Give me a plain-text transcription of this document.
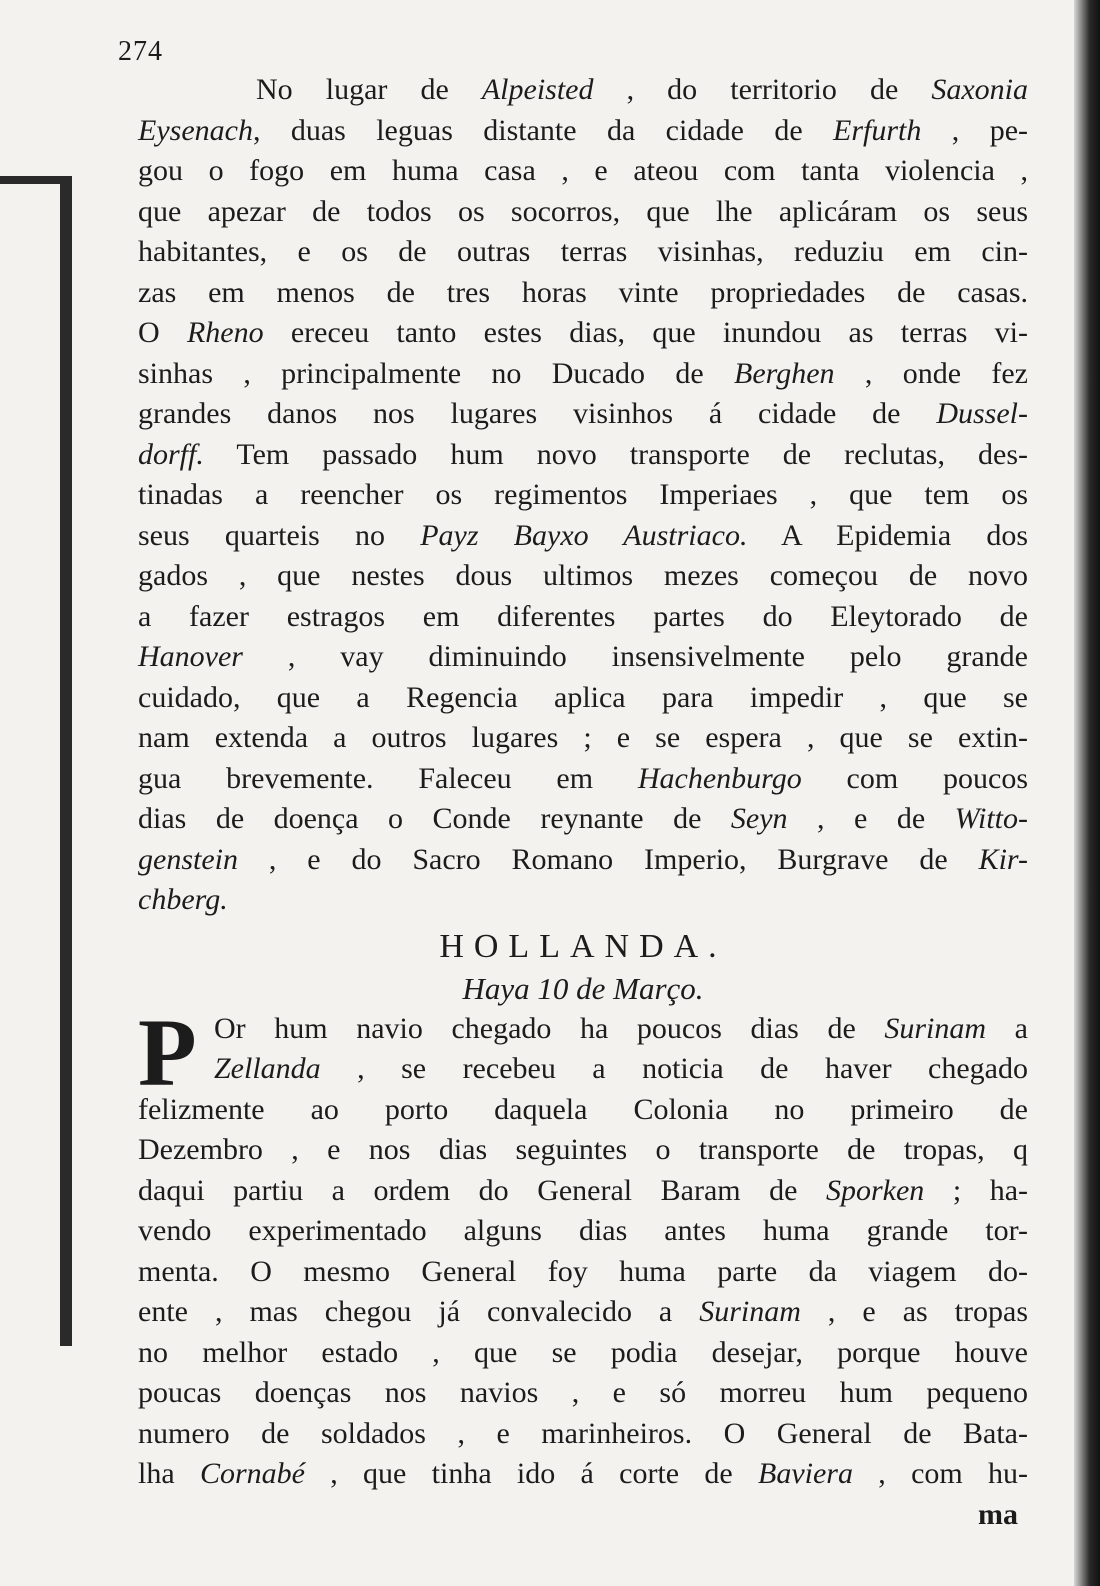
274
No lugar de Alpeisted , do territorio de Saxonia
Eysenach, duas leguas distante da cidade de Erfurth , pe-
gou o fogo em huma casa , e ateou com tanta violencia ,
que apezar de todos os socorros, que lhe aplicáram os seus
habitantes, e os de outras terras visinhas, reduziu em cin-
zas em menos de tres horas vinte propriedades de casas.
O Rheno ereceu tanto estes dias, que inundou as terras vi-
sinhas , principalmente no Ducado de Berghen , onde fez
grandes danos nos lugares visinhos á cidade de Dussel-
dorff. Tem passado hum novo transporte de reclutas, des-
tinadas a reencher os regimentos Imperiaes , que tem os
seus quarteis no Payz Bayxo Austriaco. A Epidemia dos
gados , que nestes dous ultimos mezes começou de novo
a fazer estragos em diferentes partes do Eleytorado de
Hanover , vay diminuindo insensivelmente pelo grande
cuidado, que a Regencia aplica para impedir , que se
nam extenda a outros lugares ; e se espera , que se extin-
gua brevemente. Faleceu em Hachenburgo com poucos
dias de doença o Conde reynante de Seyn , e de Witto-
genstein , e do Sacro Romano Imperio, Burgrave de Kir-
chberg.
HOLLANDA.
Haya 10 de Março.
P Or hum navio chegado ha poucos dias de Surinam a
Zellanda , se recebeu a noticia de haver chegado
felizmente ao porto daquela Colonia no primeiro de
Dezembro , e nos dias seguintes o transporte de tropas, q
daqui partiu a ordem do General Baram de Sporken ; ha-
vendo experimentado alguns dias antes huma grande tor-
menta. O mesmo General foy huma parte da viagem do-
ente , mas chegou já convalecido a Surinam , e as tropas
no melhor estado , que se podia desejar, porque houve
poucas doenças nos navios , e só morreu hum pequeno
numero de soldados , e marinheiros. O General de Bata-
lha Cornabé , que tinha ido á corte de Baviera , com hu-
ma
